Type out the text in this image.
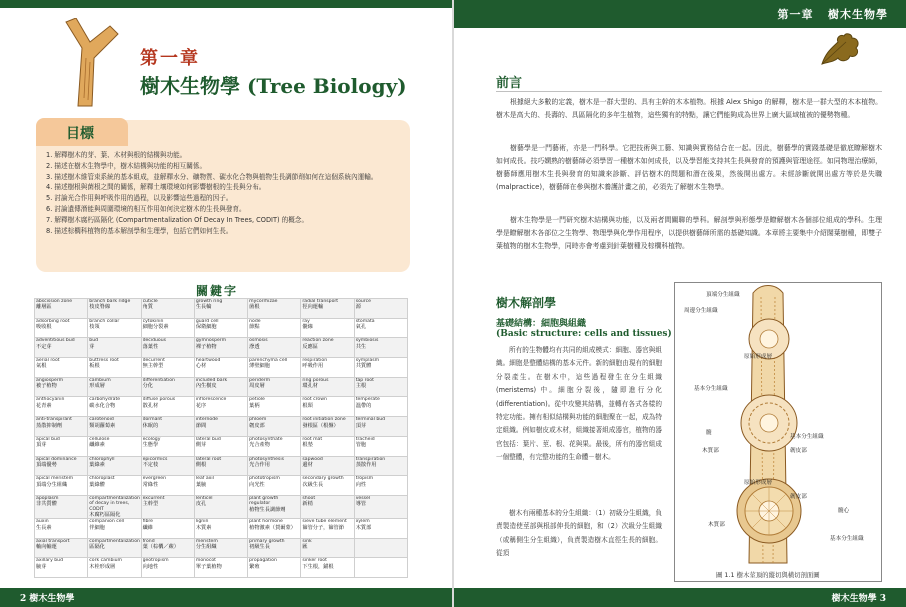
第一章 樹木生物學
第一章
樹木生物學 (Tree Biology)
目標
1. 解釋樹木的芽、葉、木材與根的結構與功能。
2. 描述在樹木生物學中，樹木結構與功能的相互關係。
3. 描述樹木維管束系統的基本組成，並解釋水分、礦物質、碳水化合物與植物生長調節劑如何在這個系統內運輸。
4. 描述樹根與菌根之間的關係，解釋土壤環境如何影響樹根的生長與分布。
5. 討論光合作用與呼吸作用的過程，以及影響這些過程的因子。
6. 討論遺傳潛能與周圍環境的相互作用如何決定樹木的生長與發育。
7. 解釋樹木腐朽區隔化 (Compartmentalization Of Decay In Trees, CODIT) 的概念。
8. 描述棕櫚科植物的基本解剖學和生理學，包括它們如何生長。
關鍵字
abscission zone
離層區	branch bark ridge
枝皮脊線	cuticle
角質	growth ring
生長輪	mycorrhizae
菌根	radial transport
徑向運輸	source
源

adsorbing root
吸收根	branch collar
枝領	cytokinin
細胞分裂素	guard cell
保衛細胞	node
節點	ray
髓線	stomata
氣孔

adventitious bud
不定芽	bud
芽	deciduous
落葉性	gymnosperm
裸子植物	osmosis
滲透	reaction zone
反應區	symbiosis
共生

aerial root
氣根	buttress root
板根	decurrent
無主幹型	heartwood
心材	parenchyma cell
薄壁細胞	respiration
呼吸作用	symplasm
共質體

angiosperm
被子植物	cambium
形成層	differentiation
分化	included bark
內生樹皮	periderm
周皮層	ring porous
環孔材	tap root
主根

anthocyanin
花青素	carbohydrate
碳水化合物	diffuse porous
散孔材	inflorescence
花序	petiole
葉柄	root crown
根頸	temperate
溫帶的

anti-transpirant
蒸散抑制劑	carotenoid
類胡蘿蔔素	dormant
休眠的	internode
節間	phloem
韌皮部	root initiation zone
發根區（根盤）	terminal bud
頂芽

apical bud
頂芽	cellulose
纖維素	ecology
生態學	lateral bud
側芽	photosynthate
光合產物	root mat
根墊	tracheid
管胞

apical dominance
頂端優勢	chlorophyll
葉綠素	epicormics
不定枝	lateral root
側根	photosynthesis
光合作用	sapwood
邊材	transpiration
蒸散作用

apical meristem
頂端分生組織	chloroplast
葉綠體	evergreen
常綠性	leaf axil
葉腋	phototropism
向光性	secondary growth
次級生長	tropism
向性

apoplasm
非共質體	compartmentalization of decay in trees, CODIT
木腐朽區隔化	excurrent
主幹型	lenticel
皮孔	plant growth regulator
植物生長調節劑	shoot
新梢	vessel
導管

auxin
生長素	companion cell
伴細胞	fibre
纖維	lignin
木質素	plant hormone
植物激素（賀爾蒙）	sieve tube element
篩管分子，篩管節	xylem
木質部

axial transport
軸向輸運	compartmentalization
區隔化	frond
葉（棕櫚／蕨）	meristem
分生組織	primary growth
初級生長	sink
匯	

axillary bud
腋芽	cork cambium
木栓形成層	geotropism
向地性	monocot
單子葉植物	propagation
繁殖	sinker root
下生根，錨根	

前言

根據絕大多數的定義，樹木是一群大型的、具有主幹的木本植物。根據 Alex Shigo 的解釋，樹木是一群大型的木本植物。樹木是高大的、長壽的、具區隔化的多年生植物，這些獨有的特點，讓它們能夠成為世界上廣大區域植被的優勢物種。

樹藝學是一門藝術，亦是一門科學。它把技術與工藝、知識與實務結合在一起。因此，樹藝學的實踐基礎是徹底瞭解樹木如何成長。技巧嫻熟的樹藝師必須學習一種樹木如何成長，以及學習能支持其生長與發育的預護與管理途徑。如同物理治療師，樹藝師應用樹木生長與發育的知識來診斷、評估樹木的問題和潛在後果，然後開出處方。未經診斷就開出處方等於是失職 (malpractice)，樹藝師在參與樹木養護計畫之前，必須先了解樹木生物學。

樹木生物學是一門研究樹木結構與功能，以及兩者間關聯的學科。解剖學與形態學是瞭解樹木各個部位組成的學科。生理學是瞭解樹木各部位之生物學、物理學與化學作用程序，以提供樹藝師所需的基礎知識。本章將主要集中介紹闊葉樹種，即雙子葉植物的樹木生物學，同時亦會考慮到針葉樹種及棕櫚科植物。

樹木解剖學
基礎結構：細胞與組織
(Basic structure: cells and tissues)

所有的生物體均有共同的組成模式：細胞、器官與組織。細胞是整體結構的基本元件。新的細胞由現有的細胞分裂產生。在樹木中，這些過程發生在分生組織 (meristems) 中。細胞分裂後，隨即進行分化 (differentiation)。從中攻變其結構，並轉有各式各樣的特定功能。擁有相似結構與功能的細胞聚在一起，成為特定組織。例如樹皮或木材，組織接著組成器官，植物的器官包括：葉片、莖、根、花與果。最後，所有的器官組成一個整體，有完整功能的生命體－樹木。

樹木有兩種基本的分生組織：（1）初級分生組織，負責製造使莖部與根部伸長的細胞，和（2）次級分生組織（或稱側生分生組織），負責製造樹木直徑生長的細胞。從頂

頂端分生組織
周邊分生組織
原始形成層
基本分生組織
基本分生組織
髓
韌皮部
木質部
原始形成層
韌皮部
木質部
髓心
基本分生組織
圖 1.1 樹木莖頂的縱切與橫切剖面圖
2 樹木生物學	樹木生物學 3
